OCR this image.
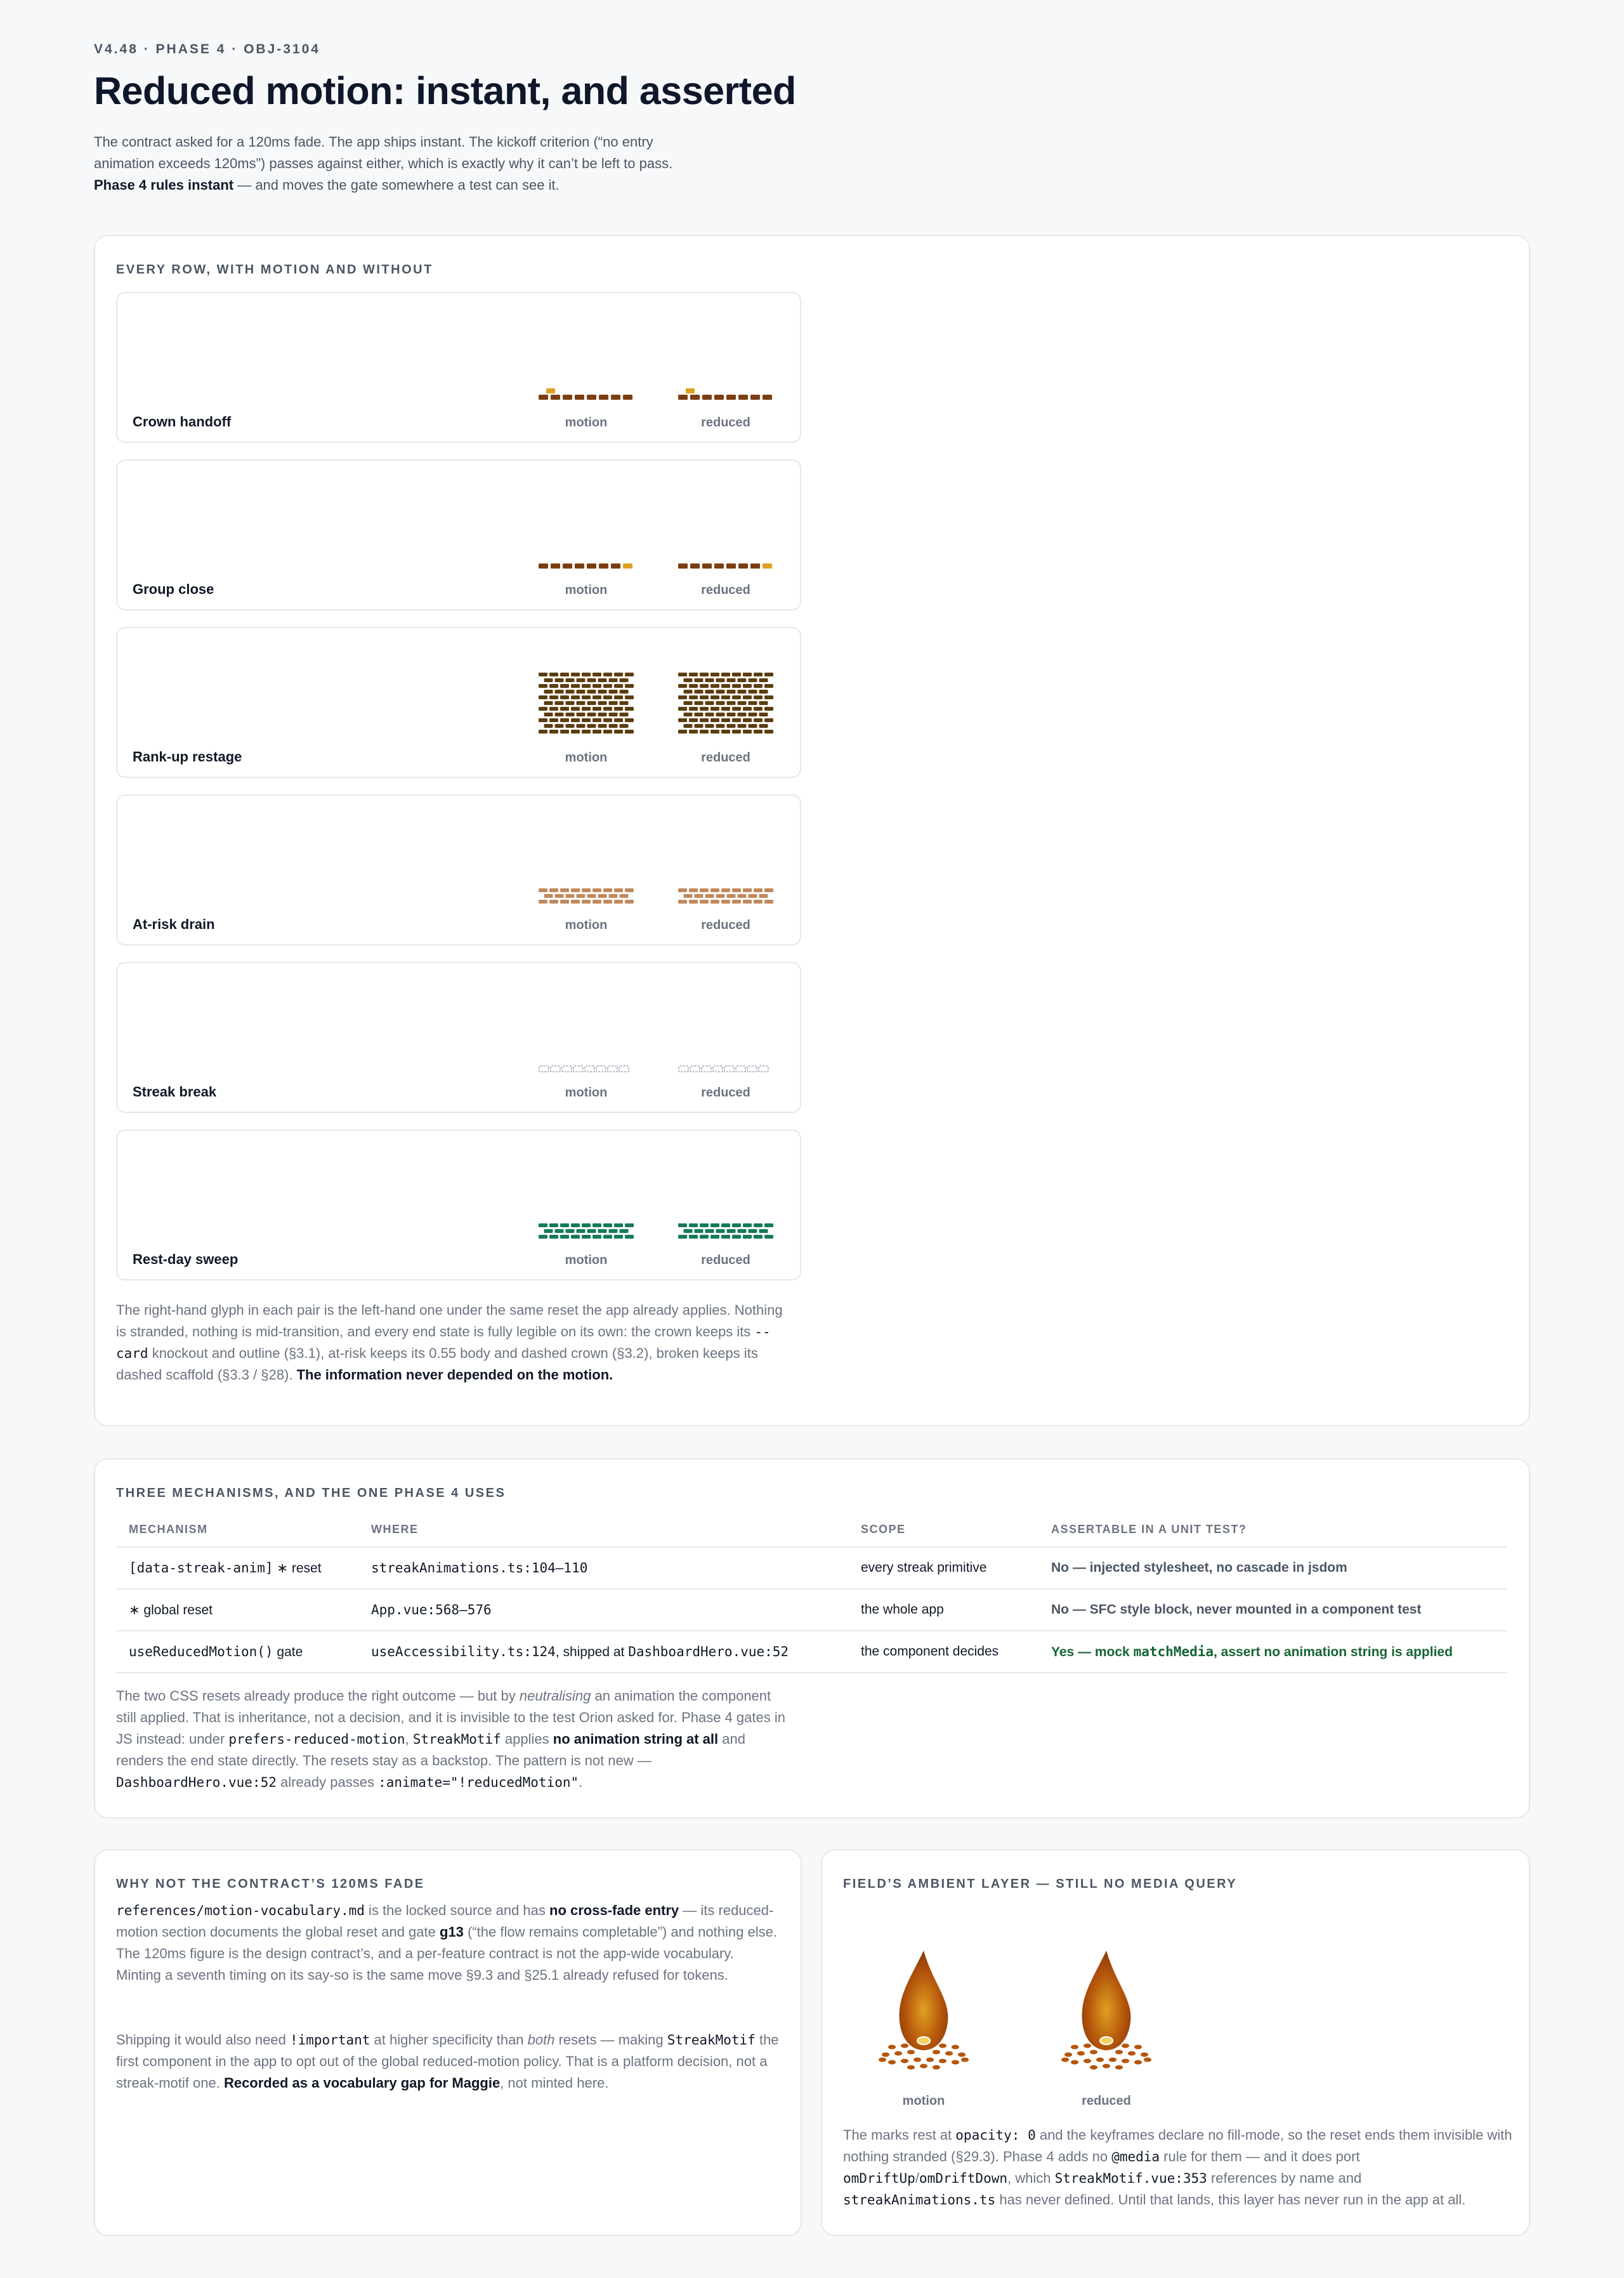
V4.48 · PHASE 4 · OBJ-3104
Reduced motion: instant, and asserted

The contract asked for a 120ms fade. The app ships instant. The kickoff criterion (“no entry animation exceeds 120ms”) passes against either, which is exactly why it can’t be left to pass. Phase 4 rules instant — and moves the gate somewhere a test can see it.

EVERY ROW, WITH MOTION AND WITHOUT
motion	reduced
Crown handoff
motion	reduced
Group close
motion	reduced
Rank-up restage
motion	reduced
At-risk drain
motion	reduced
Streak break
motion	reduced
Rest-day sweep

The right-hand glyph in each pair is the left-hand one under the same reset the app already applies. Nothing is stranded, nothing is mid-transition, and every end state is fully legible on its own: the crown keeps its --card knockout and outline (§3.1), at-risk keeps its 0.55 body and dashed crown (§3.2), broken keeps its dashed scaffold (§3.3 / §28). The information never depended on the motion.

THREE MECHANISMS, AND THE ONE PHASE 4 USES
MECHANISM	WHERE	SCOPE	ASSERTABLE IN A UNIT TEST?
[data-streak-anim] ∗ reset	streakAnimations.ts:104–110	every streak primitive	No — injected stylesheet, no cascade in jsdom
∗ global reset	App.vue:568–576	the whole app	No — SFC style block, never mounted in a component test
useReducedMotion() gate	useAccessibility.ts:124, shipped at DashboardHero.vue:52	the component decides	Yes — mock matchMedia, assert no animation string is applied

The two CSS resets already produce the right outcome — but by neutralising an animation the component still applied. That is inheritance, not a decision, and it is invisible to the test Orion asked for. Phase 4 gates in JS instead: under prefers-reduced-motion, StreakMotif applies no animation string at all and renders the end state directly. The resets stay as a backstop. The pattern is not new — DashboardHero.vue:52 already passes :animate="!reducedMotion".

WHY NOT THE CONTRACT’S 120MS FADE

references/motion-vocabulary.md is the locked source and has no cross-fade entry — its reduced-motion section documents the global reset and gate g13 (“the flow remains completable”) and nothing else. The 120ms figure is the design contract’s, and a per-feature contract is not the app-wide vocabulary. Minting a seventh timing on its say-so is the same move §9.3 and §25.1 already refused for tokens.

Shipping it would also need !important at higher specificity than both resets — making StreakMotif the first component in the app to opt out of the global reduced-motion policy. That is a platform decision, not a streak-motif one. Recorded as a vocabulary gap for Maggie, not minted here.

FIELD’S AMBIENT LAYER — STILL NO MEDIA QUERY
motion	reduced

The marks rest at opacity: 0 and the keyframes declare no fill-mode, so the reset ends them invisible with nothing stranded (§29.3). Phase 4 adds no @media rule for them — and it does port omDriftUp/omDriftDown, which StreakMotif.vue:353 references by name and streakAnimations.ts has never defined. Until that lands, this layer has never run in the app at all.
